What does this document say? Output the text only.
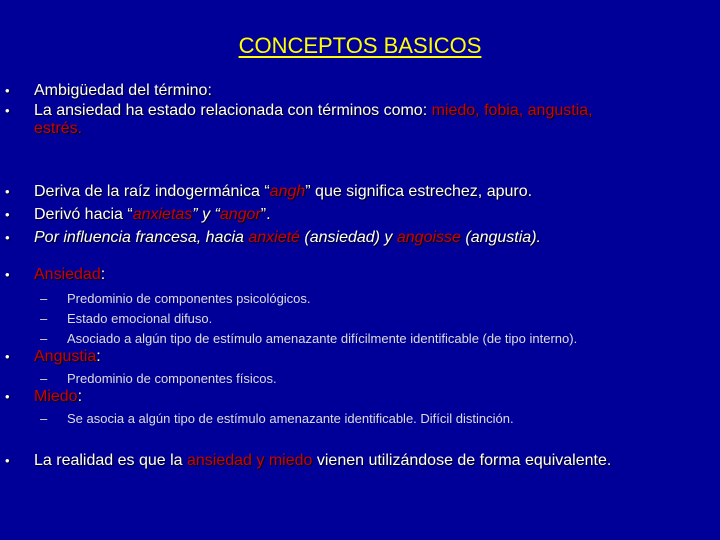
CONCEPTOS BASICOS
• Ambigüedad del término:
• La ansiedad ha estado relacionada con términos como: miedo, fobia, angustia,
estrés.
• Deriva de la raíz indogermánica “angh” que significa estrechez, apuro.
• Derivó hacia “anxietas” y “angor”.
• Por influencia francesa, hacia anxieté (ansiedad) y angoisse (angustia).
• Ansiedad:
– Predominio de componentes psicológicos.
– Estado emocional difuso.
– Asociado a algún tipo de estímulo amenazante difícilmente identificable (de tipo interno).
• Angustia:
– Predominio de componentes físicos.
• Miedo:
– Se asocia a algún tipo de estímulo amenazante identificable. Difícil distinción.
• La realidad es que la ansiedad y miedo vienen utilizándose de forma equivalente.
